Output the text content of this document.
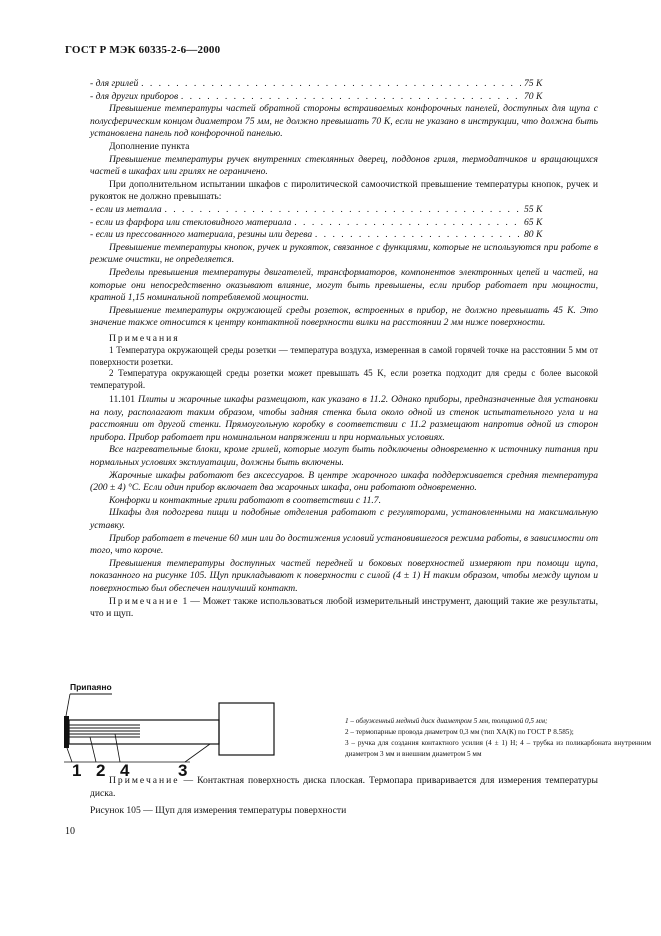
ГОСТ Р МЭК 60335-2-6—2000
- для грилей . . .	75 K
- для других приборов . . .	70 K

Превышение температуры частей обратной стороны встраиваемых конфорочных панелей, доступных для щупа с полусферическим концом диаметром 75 мм, не должно превышать 70 К, если не указано в инструкции, что должна быть установлена панель под конфорочной панелью.

Дополнение пункта

Превышение температуры ручек внутренних стеклянных дверец, поддонов гриля, термодатчиков и вращающихся частей в шкафах или грилях не ограничено.

При дополнительном испытании шкафов с пиролитической самоочисткой превышение температуры кнопок, ручек и рукояток не должно превышать:

- если из металла . . .	55 K
- если из фарфора или стекловидного материала . . .	65 K
- если из прессованного материала, резины или дерева . . .	80 K

Превышение температуры кнопок, ручек и рукояток, связанное с функциями, которые не используются при работе в режиме очистки, не определяется.

Пределы превышения температуры двигателей, трансформаторов, компонентов электронных цепей и частей, на которые они непосредственно оказывают влияние, могут быть превышены, если прибор работает при мощности, кратной 1,15 номинальной потребляемой мощности.

Превышение температуры окружающей среды розеток, встроенных в прибор, не должно превышать 45 К. Это значение также относится к центру контактной поверхности вилки на расстоянии 2 мм ниже поверхности.

Примечания

1 Температура окружающей среды розетки — температура воздуха, измеренная в самой горячей точке на расстоянии 5 мм от поверхности розетки.

2 Температура окружающей среды розетки может превышать 45 K, если розетка подходит для среды с более высокой температурой.

11.101 Плиты и жарочные шкафы размещают, как указано в 11.2. Однако приборы, предназначенные для установки на полу, располагают таким образом, чтобы задняя стенка была около одной из стенок испытательного угла и на расстоянии от другой стенки. Прямоугольную коробку в соответствии с 11.2 размещают напротив одной из сторон прибора. Прибор работает при номинальном напряжении и при нормальных условиях.

Все нагревательные блоки, кроме грилей, которые могут быть подключены одновременно к источнику питания при нормальных условиях эксплуатации, должны быть включены.

Жарочные шкафы работают без аксессуаров. В центре жарочного шкафа поддерживается средняя температура (200 ± 4) °С. Если один прибор включает два жарочных шкафа, они работают одновременно.

Конфорки и контактные грили работают в соответствии с 11.7.

Шкафы для подогрева пищи и подобные отделения работают с регуляторами, установленными на максимальную уставку.

Прибор работает в течение 60 мин или до достижения условий установившегося режима работы, в зависимости от того, что короче.

Превышения температуры доступных частей передней и боковых поверхностей измеряют при помощи щупа, показанного на рисунке 105. Щуп прикладывают к поверхности с силой (4 ± 1) Н таким образом, чтобы между щупом и поверхностью был обеспечен наилучший контакт.

Примечание 1 — Может также использоваться любой измерительный инструмент, дающий такие же результаты, что и щуп.

Припаяно
1 2 4	3
1 – облуженный медный диск диаметром 5 мм, толщиной 0,5 мм;
2 – термопарные провода диаметром 0,3 мм (тип ХА(К) по ГОСТ Р 8.585);
3 – ручка для создания контактного усилия (4 ± 1) Н; 4 – трубка из поликарбоната внутренним диаметром 3 мм и внешним диаметром 5 мм

Примечание — Контактная поверхность диска плоская. Термопара приваривается для измерения температуры диска.

Рисунок 105 — Щуп для измерения температуры поверхности

10
